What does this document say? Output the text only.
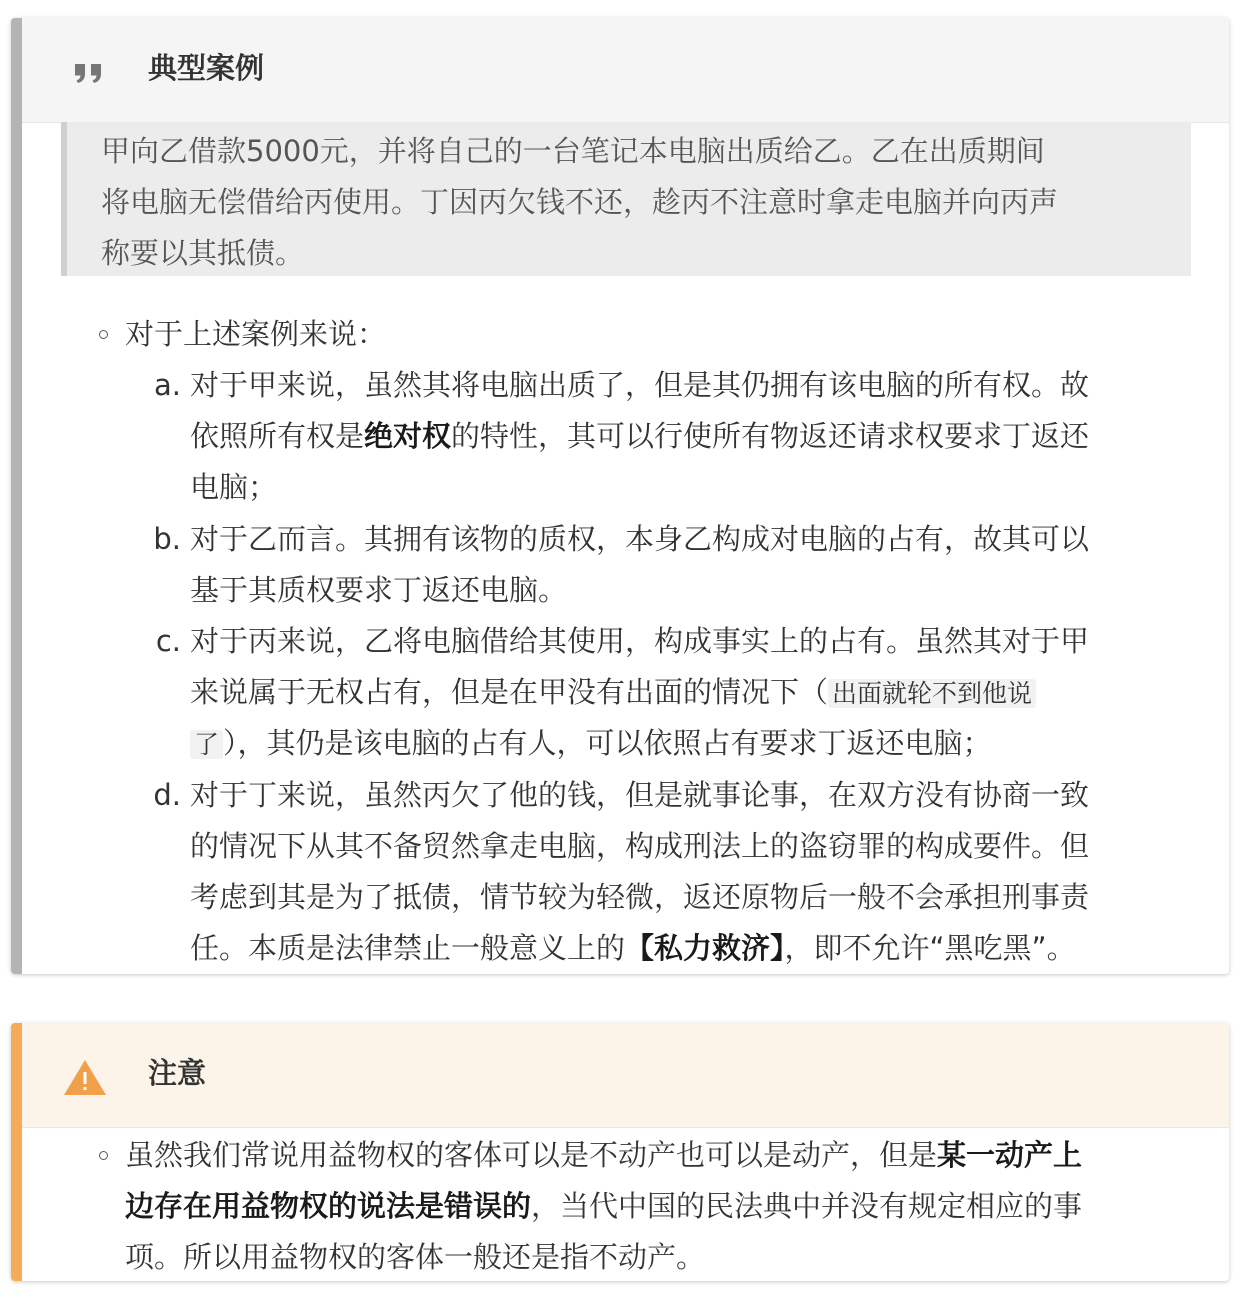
典型案例
甲向乙借款5000元，并将自己的一台笔记本电脑出质给乙。乙在出质期间
将电脑无偿借给丙使用。丁因丙欠钱不还，趁丙不注意时拿走电脑并向丙声
称要以其抵债。
对于上述案例来说：
a. 对于甲来说，虽然其将电脑出质了，但是其仍拥有该电脑的所有权。故
依照所有权是绝对权的特性，其可以行使所有物返还请求权要求丁返还
电脑；
b. 对于乙而言。其拥有该物的质权，本身乙构成对电脑的占有，故其可以
基于其质权要求丁返还电脑。
c. 对于丙来说，乙将电脑借给其使用，构成事实上的占有。虽然其对于甲
来说属于无权占有，但是在甲没有出面的情况下（ 出面就轮不到他说
了 ），其仍是该电脑的占有人，可以依照占有要求丁返还电脑；
d. 对于丁来说，虽然丙欠了他的钱，但是就事论事，在双方没有协商一致
的情况下从其不备贸然拿走电脑，构成刑法上的盗窃罪的构成要件。但
考虑到其是为了抵债，情节较为轻微，返还原物后一般不会承担刑事责
任。本质是法律禁止一般意义上的【私力救济】，即不允许“黑吃黑”。
注意
虽然我们常说用益物权的客体可以是不动产也可以是动产，但是某一动产上
边存在用益物权的说法是错误的，当代中国的民法典中并没有规定相应的事
项。所以用益物权的客体一般还是指不动产。
